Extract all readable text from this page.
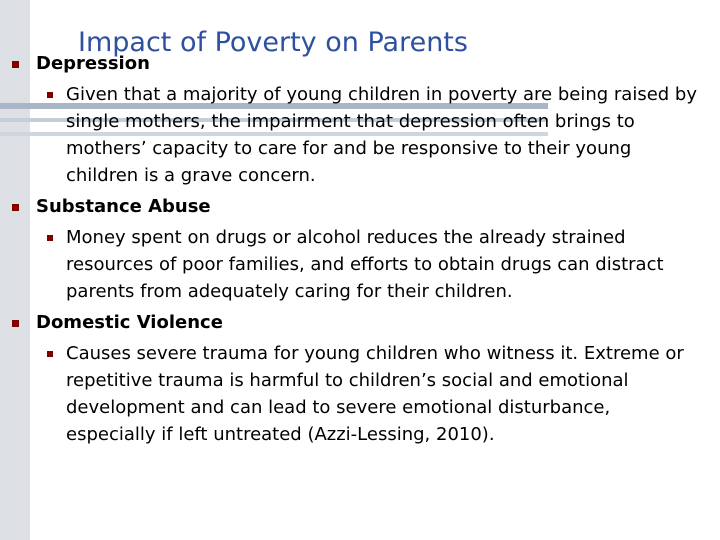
Impact of Poverty on Parents

Depression

Given that a majority of young children in poverty are being raised by single mothers, the impairment that depression often brings to mothers’ capacity to care for and be responsive to their young children is a grave concern.

Substance Abuse

Money spent on drugs or alcohol reduces the already strained resources of poor families, and efforts to obtain drugs can distract parents from adequately caring for their children.

Domestic Violence

Causes severe trauma for young children who witness it. Extreme or repetitive trauma is harmful to children’s social and emotional development and can lead to severe emotional disturbance, especially if left untreated (Azzi-Lessing, 2010).
